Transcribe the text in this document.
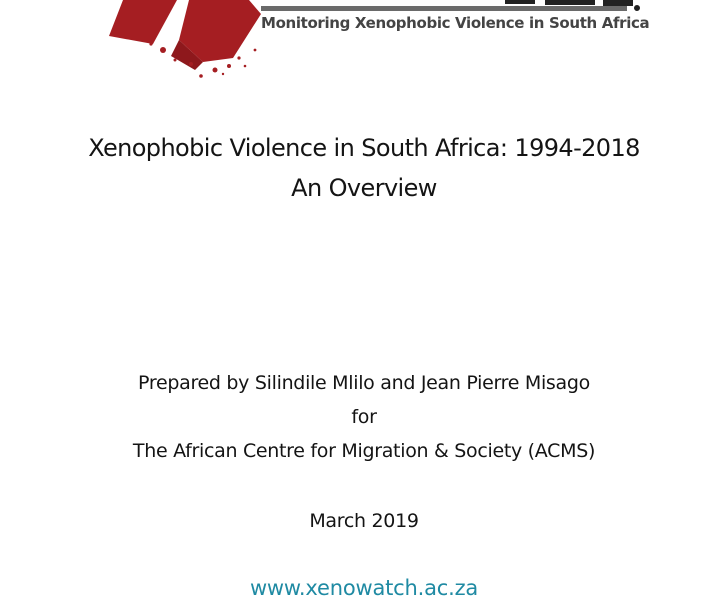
Monitoring Xenophobic Violence in South Africa
Xenophobic Violence in South Africa: 1994-2018
An Overview
Prepared by Silindile Mlilo and Jean Pierre Misago
for
The African Centre for Migration & Society (ACMS)
March 2019
www.xenowatch.ac.za
